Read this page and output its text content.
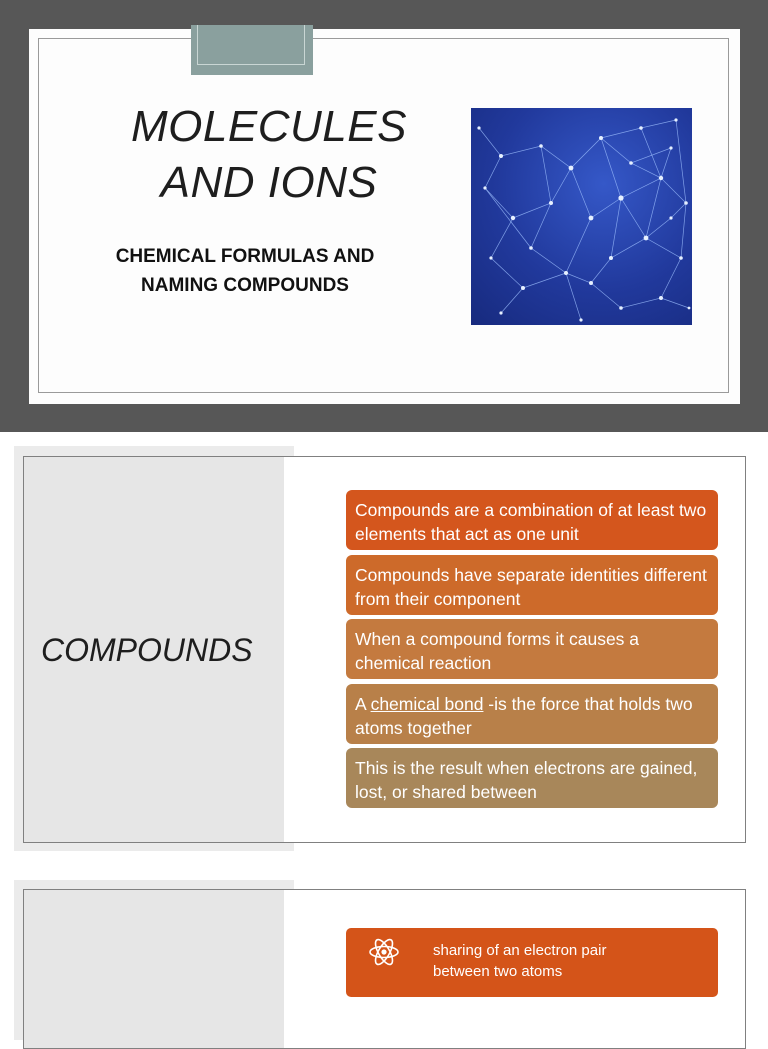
MOLECULES
AND IONS
CHEMICAL FORMULAS AND
NAMING COMPOUNDS
COMPOUNDS
Compounds are a combination of at least two elements that act as one unit
Compounds have separate identities different from their component
When a compound forms it causes a chemical reaction
A chemical bond -is the force that holds two atoms together
This is the result when electrons are gained, lost, or shared between
sharing of an electron pair
between two atoms
